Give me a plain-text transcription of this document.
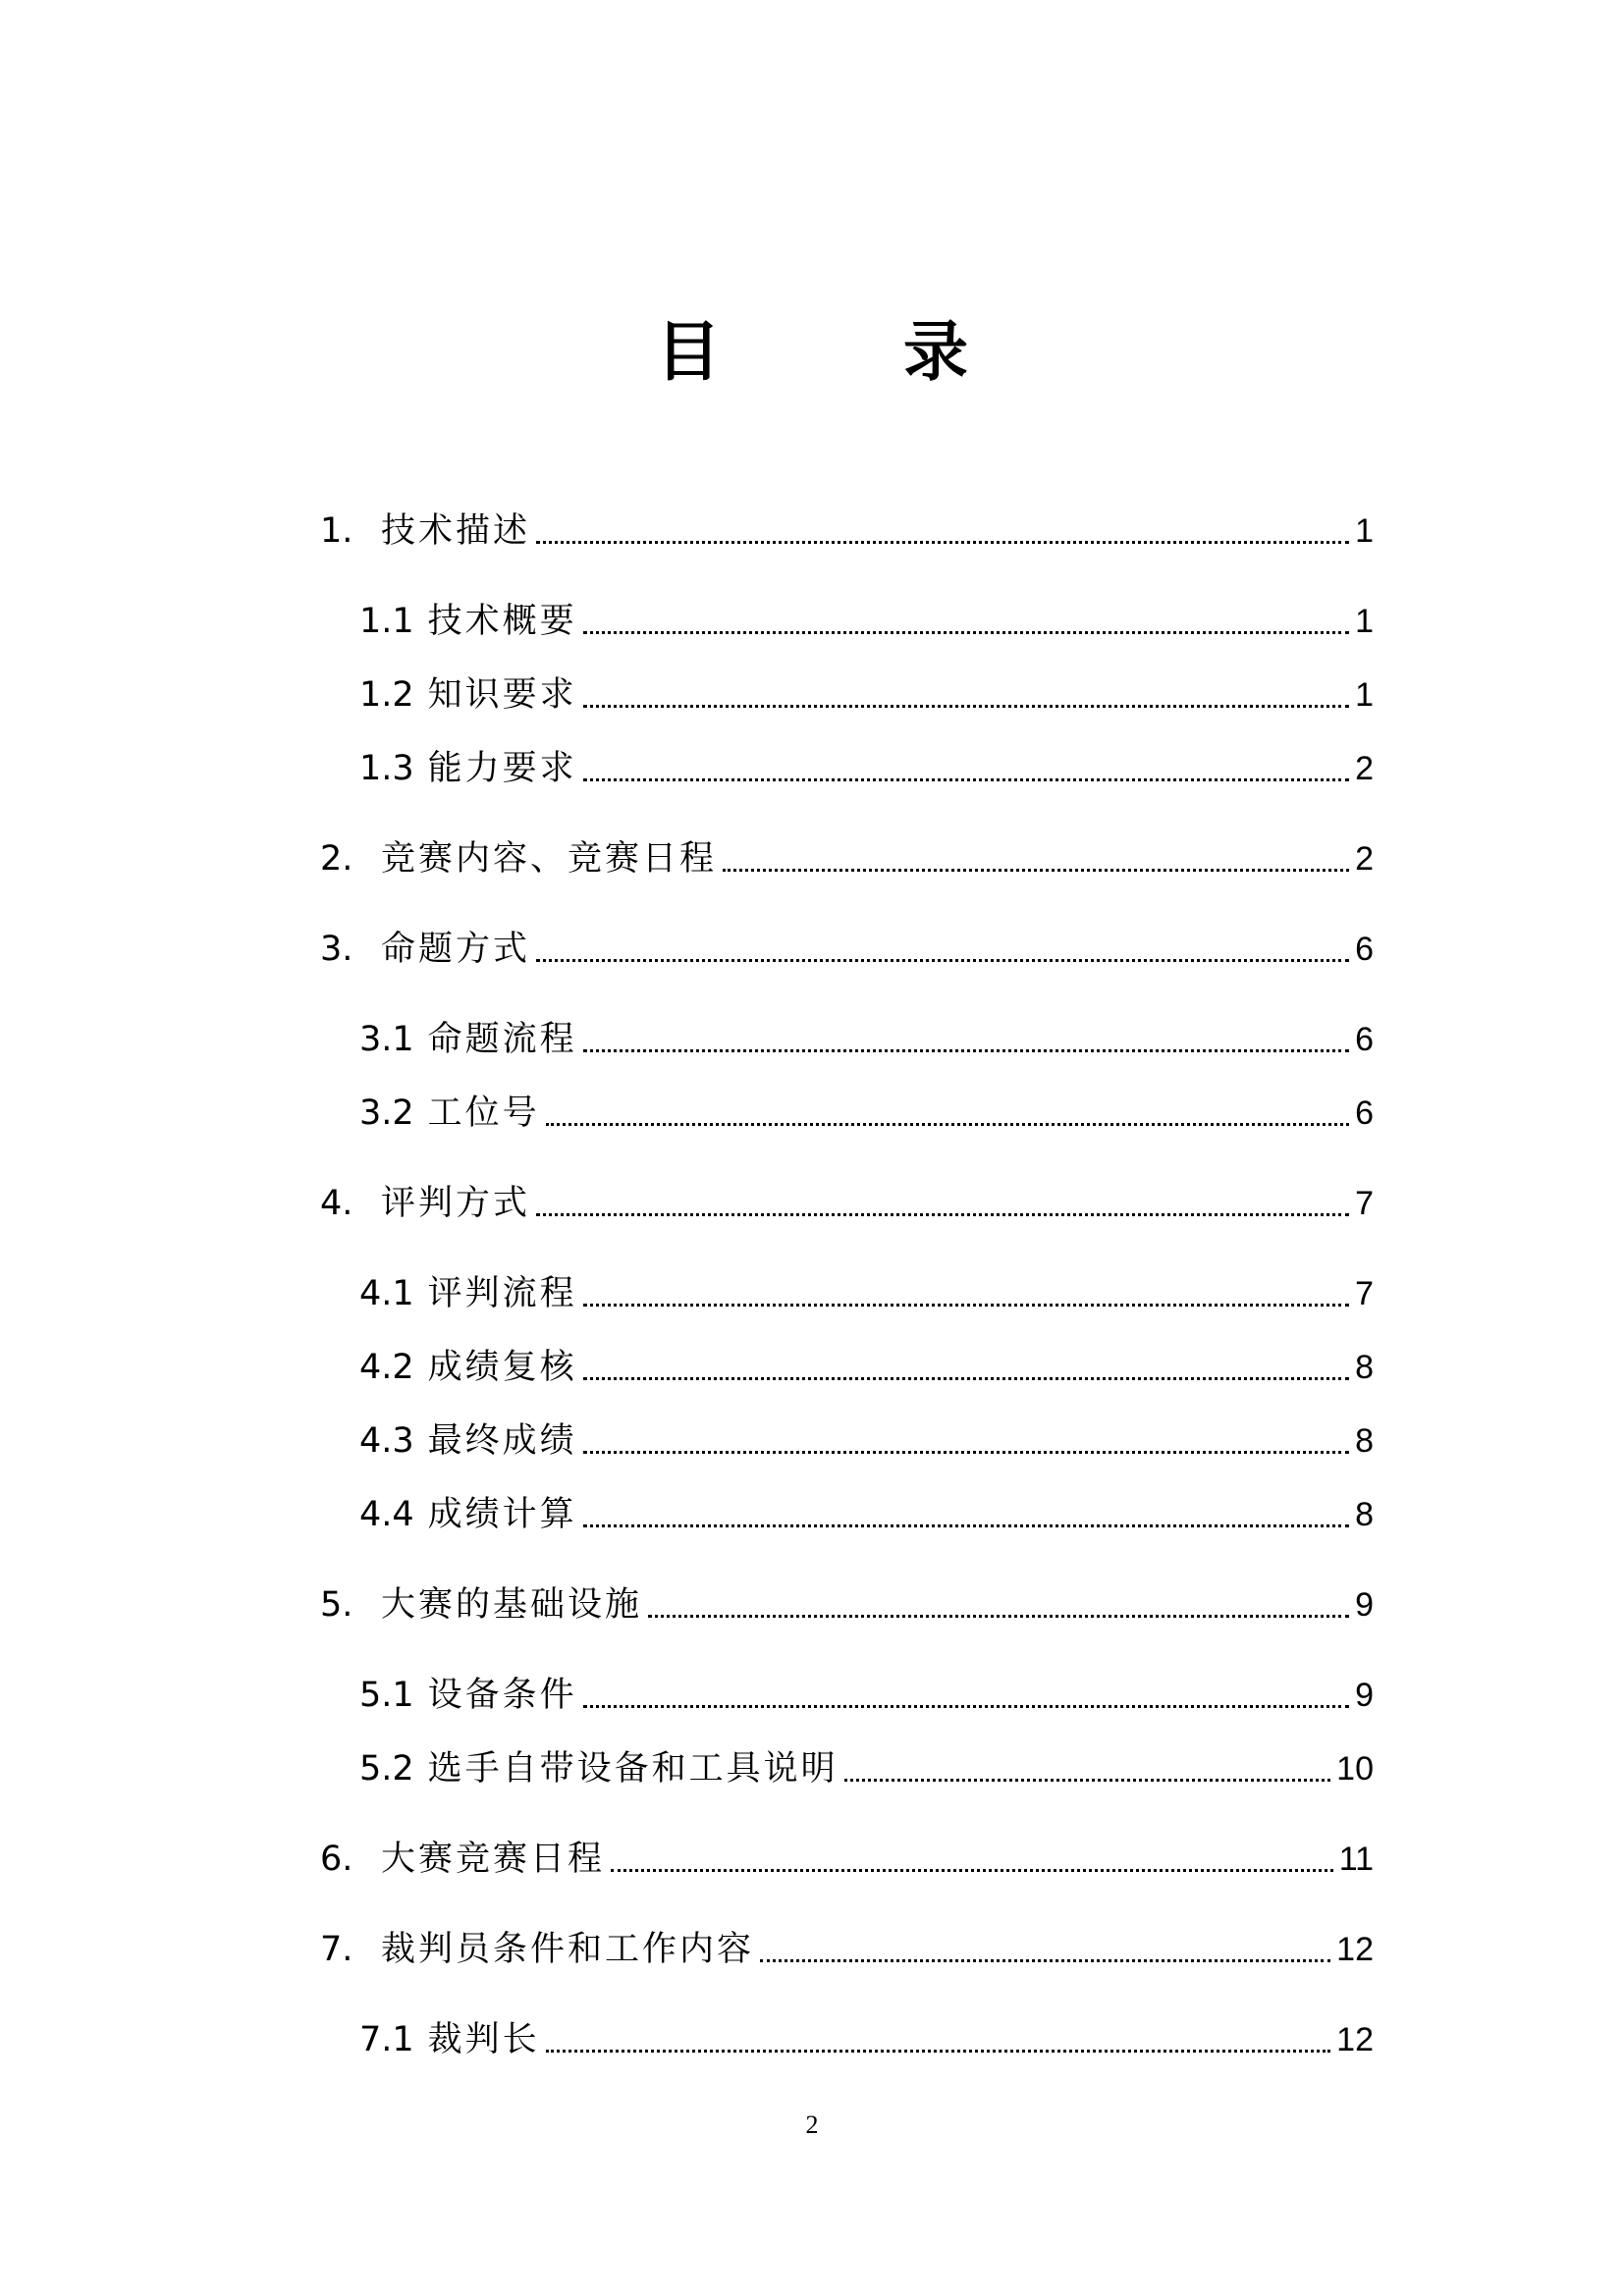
目　录
1. 技术描述	1
1.1 技术概要	1
1.2 知识要求	1
1.3 能力要求	2
2. 竞赛内容、竞赛日程	2
3. 命题方式	6
3.1 命题流程	6
3.2 工位号	6
4. 评判方式	7
4.1 评判流程	7
4.2 成绩复核	8
4.3 最终成绩	8
4.4 成绩计算	8
5. 大赛的基础设施	9
5.1 设备条件	9
5.2 选手自带设备和工具说明	10
6. 大赛竞赛日程	11
7. 裁判员条件和工作内容	12
7.1 裁判长	12
2
